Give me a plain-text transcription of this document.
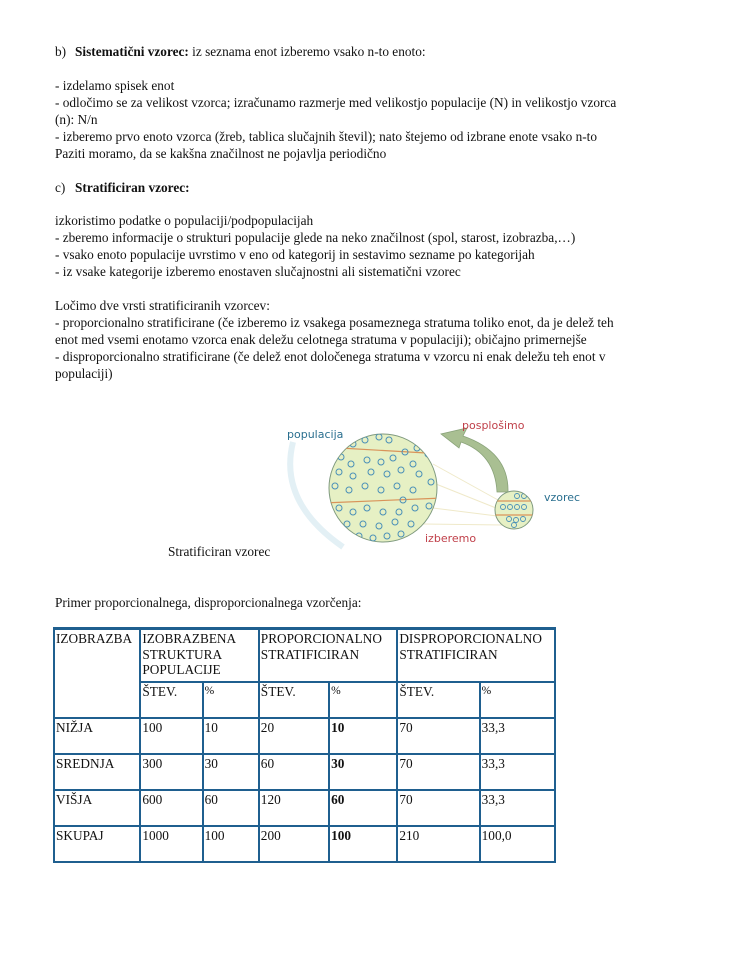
b) Sistematični vzorec: iz seznama enot izberemo vsako n-to enoto:
- izdelamo spisek enot
- odločimo se za velikost vzorca; izračunamo razmerje med velikostjo populacije (N) in velikostjo vzorca
(n): N/n
- izberemo prvo enoto vzorca (žreb, tablica slučajnih števil); nato štejemo od izbrane enote vsako n-to
Paziti moramo, da se kakšna značilnost ne pojavlja periodično
c) Stratificiran vzorec:
izkoristimo podatke o populaciji/podpopulacijah
- zberemo informacije o strukturi populacije glede na neko značilnost (spol, starost, izobrazba,…)
- vsako enoto populacije uvrstimo v eno od kategorij in sestavimo sezname po kategorijah
- iz vsake kategorije izberemo enostaven slučajnostni ali sistematični vzorec
Ločimo dve vrsti stratificiranih vzorcev:
- proporcionalno stratificirane (če izberemo iz vsakega posameznega stratuma toliko enot, da je delež teh
enot med vsemi enotamo vzorca enak deležu celotnega stratuma v populaciji); običajno primernejše
- disproporcionalno stratificirane (če delež enot določenega stratuma v vzorcu ni enak deležu teh enot v
populaciji)
Primer proporcionalnega, disproporcionalnega vzorčenja:
populacija
posplošimo
vzorec
izberemo
Stratificiran vzorec
IZOBRAZBA	IZOBRAZBENA STRUKTURA POPULACIJE		PROPORCIONALNO STRATIFICIRAN		DISPROPORCIONALNO STRATIFICIRAN	
	ŠTEV.	%	ŠTEV.	%	ŠTEV.	%
NIŽJA	100	10	20	10	70	33,3
SREDNJA	300	30	60	30	70	33,3
VIŠJA	600	60	120	60	70	33,3
SKUPAJ	1000	100	200	100	210	100,0
